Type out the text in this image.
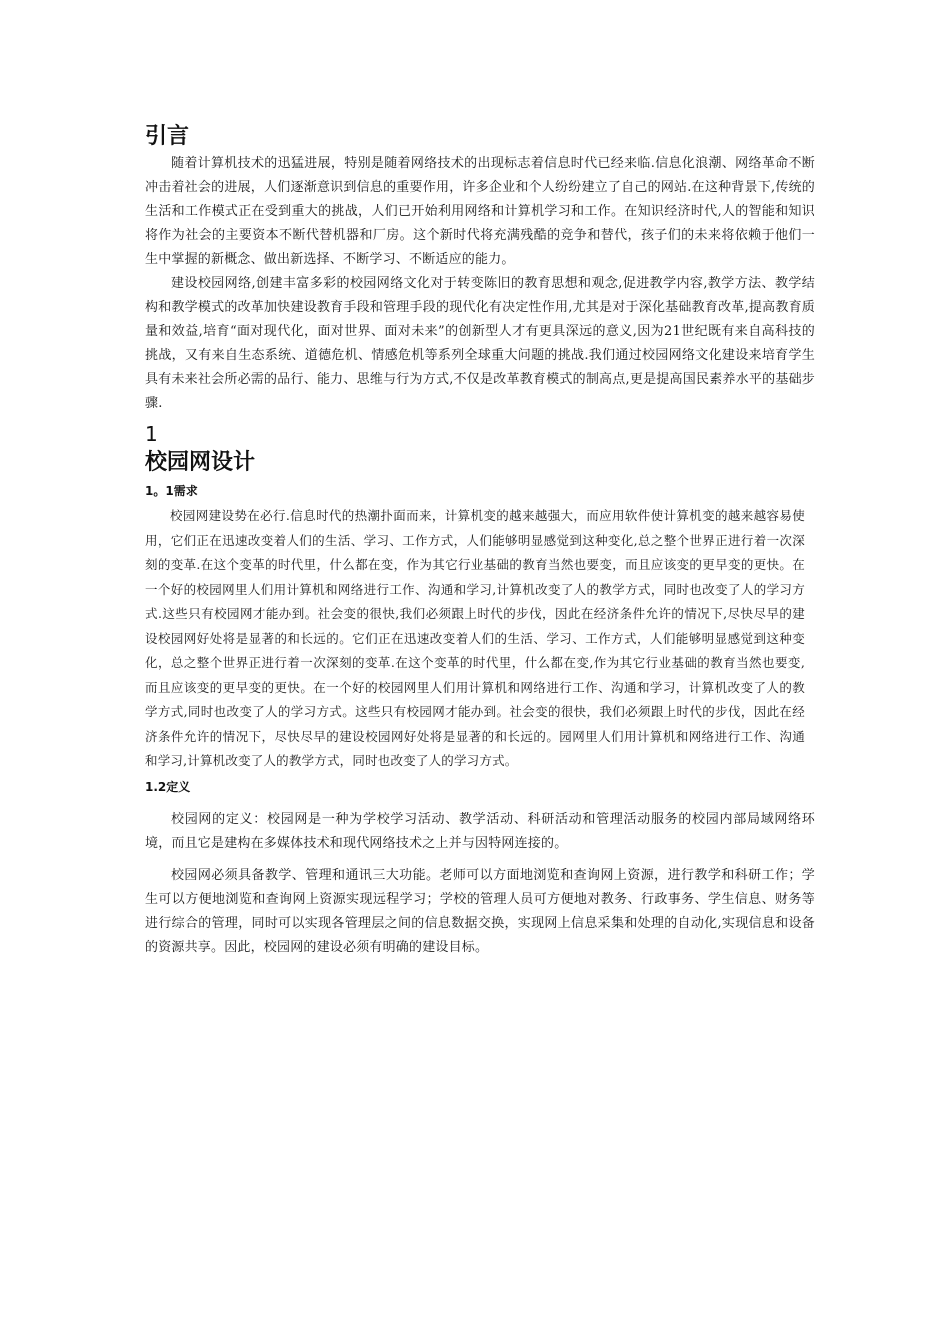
引言

随着计算机技术的迅猛进展，特别是随着网络技术的出现标志着信息时代已经来临.信息化浪潮、网络革命不断冲击着社会的进展，人们逐渐意识到信息的重要作用，许多企业和个人纷纷建立了自己的网站.在这种背景下,传统的生活和工作模式正在受到重大的挑战，人们已开始利用网络和计算机学习和工作。在知识经济时代,人的智能和知识将作为社会的主要资本不断代替机器和厂房。这个新时代将充满残酷的竞争和替代，孩子们的未来将依赖于他们一生中掌握的新概念、做出新选择、不断学习、不断适应的能力。

建设校园网络,创建丰富多彩的校园网络文化对于转变陈旧的教育思想和观念,促进教学内容,教学方法、教学结构和教学模式的改革加快建设教育手段和管理手段的现代化有决定性作用,尤其是对于深化基础教育改革,提高教育质量和效益,培育“面对现代化，面对世界、面对未来”的创新型人才有更具深远的意义,因为21世纪既有来自高科技的挑战，又有来自生态系统、道德危机、情感危机等系列全球重大问题的挑战.我们通过校园网络文化建设来培育学生具有未来社会所必需的品行、能力、思维与行为方式,不仅是改革教育模式的制高点,更是提高国民素养水平的基础步骤.

1
校园网设计
1。1需求

校园网建设势在必行.信息时代的热潮扑面而来，计算机变的越来越强大，而应用软件使计算机变的越来越容易使用，它们正在迅速改变着人们的生活、学习、工作方式，人们能够明显感觉到这种变化,总之整个世界正进行着一次深刻的变革.在这个变革的时代里，什么都在变，作为其它行业基础的教育当然也要变，而且应该变的更早变的更快。在一个好的校园网里人们用计算机和网络进行工作、沟通和学习,计算机改变了人的教学方式，同时也改变了人的学习方式.这些只有校园网才能办到。社会变的很快,我们必须跟上时代的步伐，因此在经济条件允许的情况下,尽快尽早的建设校园网好处将是显著的和长远的。它们正在迅速改变着人们的生活、学习、工作方式，人们能够明显感觉到这种变化，总之整个世界正进行着一次深刻的变革.在这个变革的时代里，什么都在变,作为其它行业基础的教育当然也要变,而且应该变的更早变的更快。在一个好的校园网里人们用计算机和网络进行工作、沟通和学习，计算机改变了人的教学方式,同时也改变了人的学习方式。这些只有校园网才能办到。社会变的很快，我们必须跟上时代的步伐，因此在经济条件允许的情况下，尽快尽早的建设校园网好处将是显著的和长远的。园网里人们用计算机和网络进行工作、沟通和学习,计算机改变了人的教学方式，同时也改变了人的学习方式。

1.2定义

校园网的定义：校园网是一种为学校学习活动、教学活动、科研活动和管理活动服务的校园内部局域网络环境，而且它是建构在多媒体技术和现代网络技术之上并与因特网连接的。

校园网必须具备教学、管理和通讯三大功能。老师可以方面地浏览和查询网上资源，进行教学和科研工作；学生可以方便地浏览和查询网上资源实现远程学习；学校的管理人员可方便地对教务、行政事务、学生信息、财务等进行综合的管理，同时可以实现各管理层之间的信息数据交换，实现网上信息采集和处理的自动化,实现信息和设备的资源共享。因此，校园网的建设必须有明确的建设目标。
